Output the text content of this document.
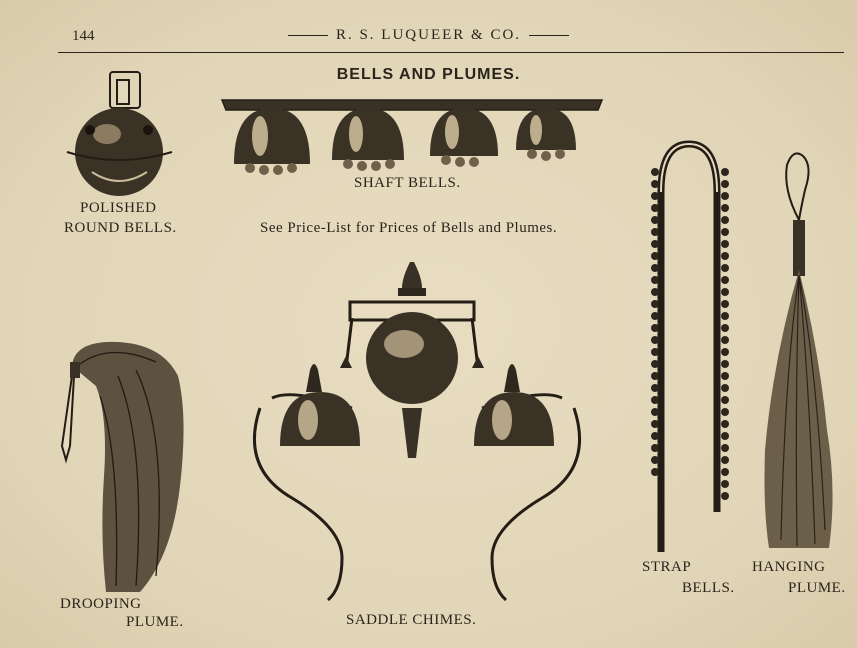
144	R. S. LUQUEER & CO.
BELLS AND PLUMES.
POLISHED
ROUND BELLS.
SHAFT BELLS.
See Price-List for Prices of Bells and Plumes.
STRAP
BELLS.
HANGING
PLUME.
DROOPING
PLUME.	SADDLE CHIMES.
